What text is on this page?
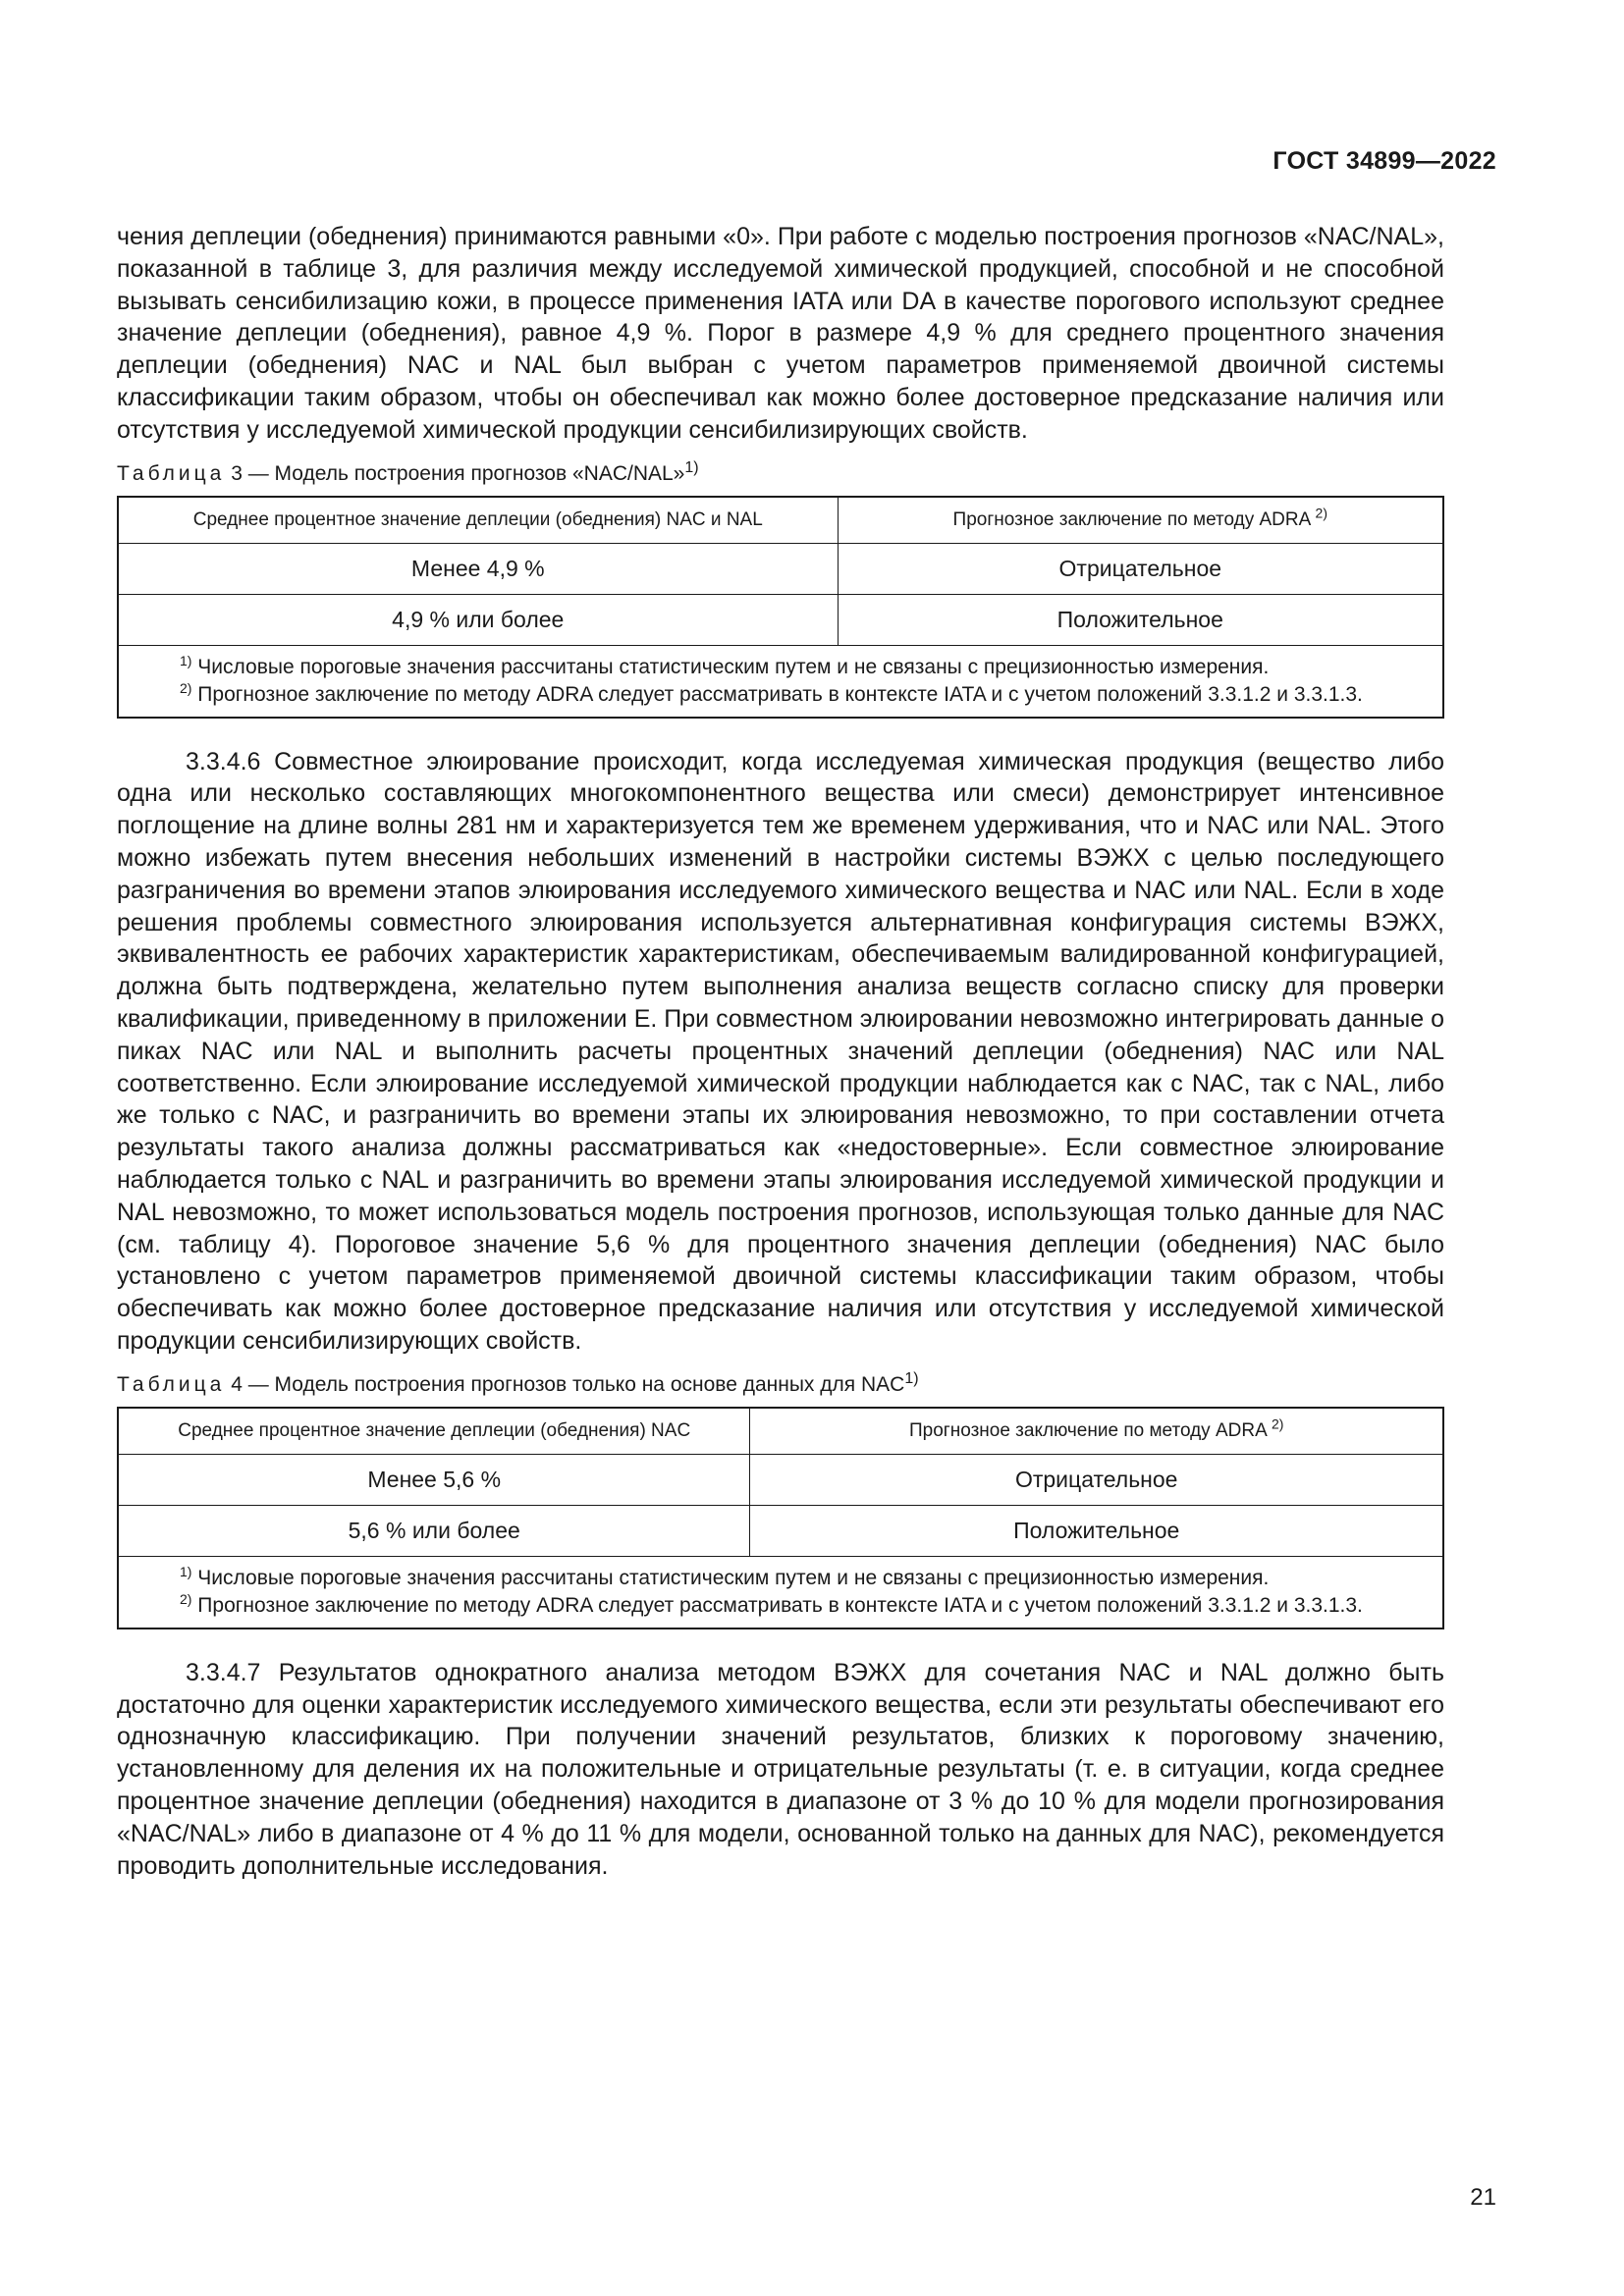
ГОСТ 34899—2022

чения деплеции (обеднения) принимаются равными «0». При работе с моделью построения прогнозов «NAC/NAL», показанной в таблице 3, для различия между исследуемой химической продукцией, способной и не способной вызывать сенсибилизацию кожи, в процессе применения IATA или DA в качестве порогового используют среднее значение деплеции (обеднения), равное 4,9 %. Порог в размере 4,9 % для среднего процентного значения деплеции (обеднения) NAC и NAL был выбран с учетом параметров применяемой двоичной системы классификации таким образом, чтобы он обеспечивал как можно более достоверное предсказание наличия или отсутствия у исследуемой химической продукции сенсибилизирующих свойств.

Таблица 3 — Модель построения прогнозов «NAC/NAL»$^{1)}$

Среднее процентное значение деплеции (обеднения) NAC и NAL	Прогнозное заключение по методу ADRA $^{2)}$
Менее 4,9 %	Отрицательное
4,9 % или более	Положительное

$^{1)}$ Числовые пороговые значения рассчитаны статистическим путем и не связаны с прецизионностью измерения.
$^{2)}$ Прогнозное заключение по методу ADRA следует рассматривать в контексте IATA и с учетом положений 3.3.1.2 и 3.3.1.3.	

3.3.4.6 Совместное элюирование происходит, когда исследуемая химическая продукция (вещество либо одна или несколько составляющих многокомпонентного вещества или смеси) демонстрирует интенсивное поглощение на длине волны 281 нм и характеризуется тем же временем удерживания, что и NAC или NAL. Этого можно избежать путем внесения небольших изменений в настройки системы ВЭЖХ с целью последующего разграничения во времени этапов элюирования исследуемого химического вещества и NAC или NAL. Если в ходе решения проблемы совместного элюирования используется альтернативная конфигурация системы ВЭЖХ, эквивалентность ее рабочих характеристик характеристикам, обеспечиваемым валидированной конфигурацией, должна быть подтверждена, желательно путем выполнения анализа веществ согласно списку для проверки квалификации, приведенному в приложении Е. При совместном элюировании невозможно интегрировать данные о пиках NAC или NAL и выполнить расчеты процентных значений деплеции (обеднения) NAC или NAL соответственно. Если элюирование исследуемой химической продукции наблюдается как с NAC, так с NAL, либо же только с NAC, и разграничить во времени этапы их элюирования невозможно, то при составлении отчета результаты такого анализа должны рассматриваться как «недостоверные». Если совместное элюирование наблюдается только с NAL и разграничить во времени этапы элюирования исследуемой химической продукции и NAL невозможно, то может использоваться модель построения прогнозов, использующая только данные для NAC (см. таблицу 4). Пороговое значение 5,6 % для процентного значения деплеции (обеднения) NAC было установлено с учетом параметров применяемой двоичной системы классификации таким образом, чтобы обеспечивать как можно более достоверное предсказание наличия или отсутствия у исследуемой химической продукции сенсибилизирующих свойств.

Таблица 4 — Модель построения прогнозов только на основе данных для NAC$^{1)}$

Среднее процентное значение деплеции (обеднения) NAC	Прогнозное заключение по методу ADRA $^{2)}$
Менее 5,6 %	Отрицательное
5,6 % или более	Положительное

$^{1)}$ Числовые пороговые значения рассчитаны статистическим путем и не связаны с прецизионностью измерения.
$^{2)}$ Прогнозное заключение по методу ADRA следует рассматривать в контексте IATA и с учетом положений 3.3.1.2 и 3.3.1.3.	

3.3.4.7 Результатов однократного анализа методом ВЭЖХ для сочетания NAC и NAL должно быть достаточно для оценки характеристик исследуемого химического вещества, если эти результаты обеспечивают его однозначную классификацию. При получении значений результатов, близких к пороговому значению, установленному для деления их на положительные и отрицательные результаты (т. е. в ситуации, когда среднее процентное значение деплеции (обеднения) находится в диапазоне от 3 % до 10 % для модели прогнозирования «NAC/NAL» либо в диапазоне от 4 % до 11 % для модели, основанной только на данных для NAC), рекомендуется проводить дополнительные исследования.

21
